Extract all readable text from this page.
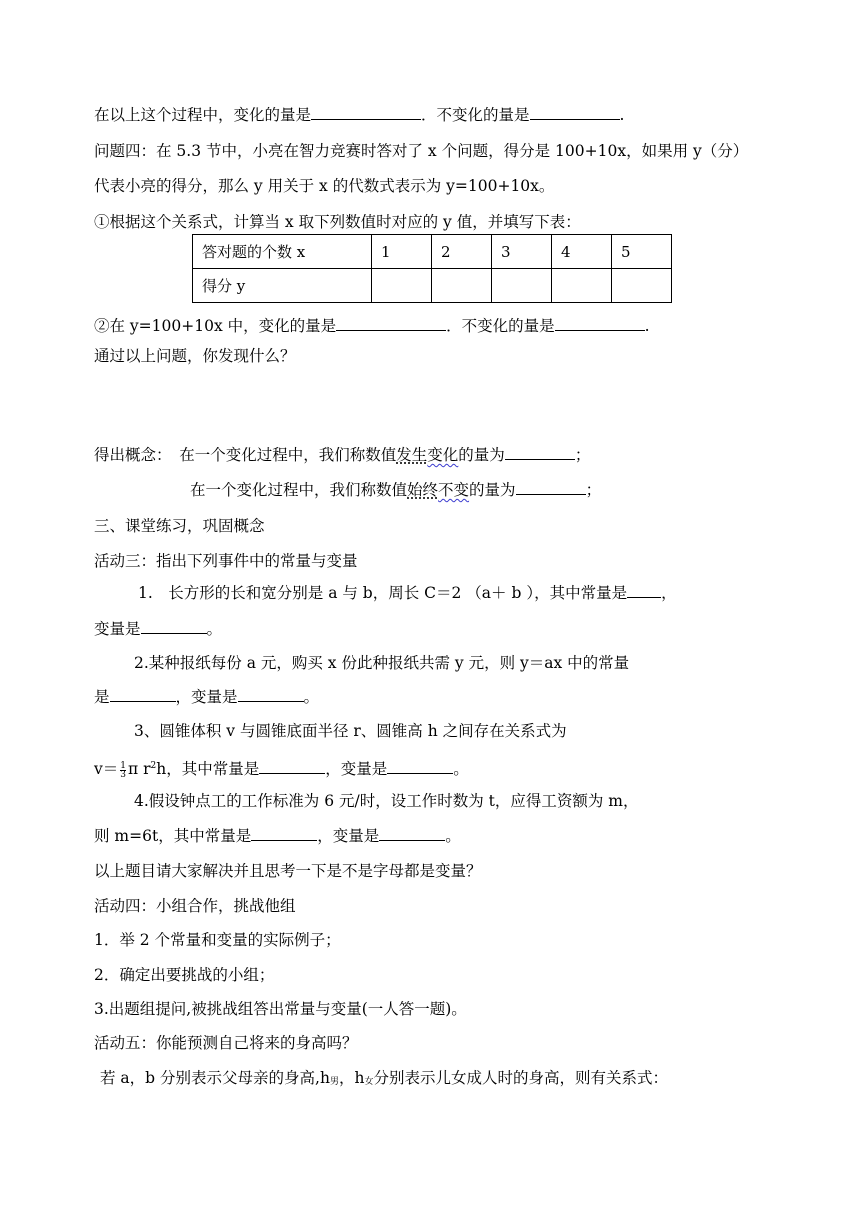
在以上这个过程中，变化的量是	．不变化的量是	.
问题四：在 5.3 节中，小亮在智力竞赛时答对了 x 个问题，得分是 100+10x，如果用 y（分）
代表小亮的得分，那么 y 用关于 x 的代数式表示为 y=100+10x。
①根据这个关系式，计算当 x 取下列数值时对应的 y 值，并填写下表：
答对题的个数 x	1	2	3	4	5
得分 y					
②在 y=100+10x 中，变化的量是	．不变化的量是	.
通过以上问题，你发现什么？
得出概念：　在一个变化过程中，我们称数值发生变化的量为	；
在一个变化过程中，我们称数值始终不变的量为	；
三、课堂练习，巩固概念
活动三：指出下列事件中的常量与变量
1.　长方形的长和宽分别是 a 与 b，周长 C＝2 （a＋ b ），其中常量是 ，
变量是	。
2.某种报纸每份 a 元，购买 x 份此种报纸共需 y 元，则 y＝ax 中的常量
是	，变量是	。
3、圆锥体积 v 与圆锥底面半径 r、圆锥高 h 之间存在关系式为
$v= \frac{1}{3}$ π $r^2h$，其中常量是	，变量是	。
4.假设钟点工的工作标准为 6 元/时，设工作时数为 t，应得工资额为 m，
则 m=6t，其中常量是	，变量是	。
以上题目请大家解决并且思考一下是不是字母都是变量？
活动四：小组合作，挑战他组
1．举 2 个常量和变量的实际例子；
2．确定出要挑战的小组；
3.出题组提问,被挑战组答出常量与变量(一人答一题)。
活动五：你能预测自己将来的身高吗？
若 a，b 分别表示父母亲的身高$,h_男$，$h_女$分别表示儿女成人时的身高，则有关系式：
